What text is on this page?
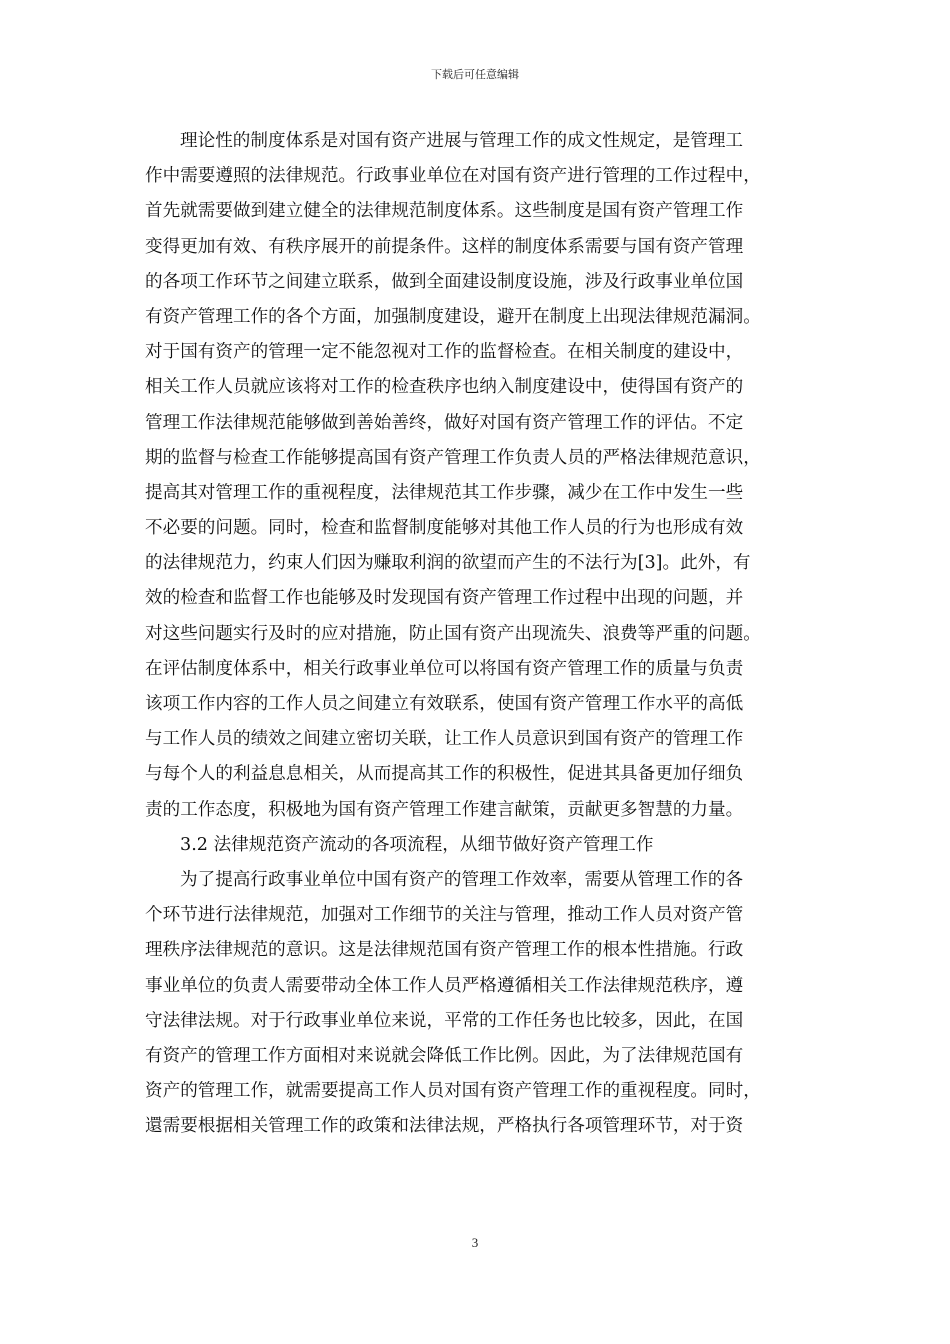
下载后可任意编辑
理论性的制度体系是对国有资产进展与管理工作的成文性规定，是管理工
作中需要遵照的法律规范。行政事业单位在对国有资产进行管理的工作过程中，
首先就需要做到建立健全的法律规范制度体系。这些制度是国有资产管理工作
变得更加有效、有秩序展开的前提条件。这样的制度体系需要与国有资产管理
的各项工作环节之间建立联系，做到全面建设制度设施，涉及行政事业单位国
有资产管理工作的各个方面，加强制度建设，避开在制度上出现法律规范漏洞。
对于国有资产的管理一定不能忽视对工作的监督检查。在相关制度的建设中，
相关工作人员就应该将对工作的检查秩序也纳入制度建设中，使得国有资产的
管理工作法律规范能够做到善始善终，做好对国有资产管理工作的评估。不定
期的监督与检查工作能够提高国有资产管理工作负责人员的严格法律规范意识，
提高其对管理工作的重视程度，法律规范其工作步骤，减少在工作中发生一些
不必要的问题。同时，检查和监督制度能够对其他工作人员的行为也形成有效
的法律规范力，约束人们因为赚取利润的欲望而产生的不法行为[3]。此外，有
效的检查和监督工作也能够及时发现国有资产管理工作过程中出现的问题，并
对这些问题实行及时的应对措施，防止国有资产出现流失、浪费等严重的问题。
在评估制度体系中，相关行政事业单位可以将国有资产管理工作的质量与负责
该项工作内容的工作人员之间建立有效联系，使国有资产管理工作水平的高低
与工作人员的绩效之间建立密切关联，让工作人员意识到国有资产的管理工作
与每个人的利益息息相关，从而提高其工作的积极性，促进其具备更加仔细负
责的工作态度，积极地为国有资产管理工作建言献策，贡献更多智慧的力量。
3.2 法律规范资产流动的各项流程，从细节做好资产管理工作
为了提高行政事业单位中国有资产的管理工作效率，需要从管理工作的各
个环节进行法律规范，加强对工作细节的关注与管理，推动工作人员对资产管
理秩序法律规范的意识。这是法律规范国有资产管理工作的根本性措施。行政
事业单位的负责人需要带动全体工作人员严格遵循相关工作法律规范秩序，遵
守法律法规。对于行政事业单位来说，平常的工作任务也比较多，因此，在国
有资产的管理工作方面相对来说就会降低工作比例。因此，为了法律规范国有
资产的管理工作，就需要提高工作人员对国有资产管理工作的重视程度。同时，
還需要根据相关管理工作的政策和法律法规，严格执行各项管理环节，对于资
3
